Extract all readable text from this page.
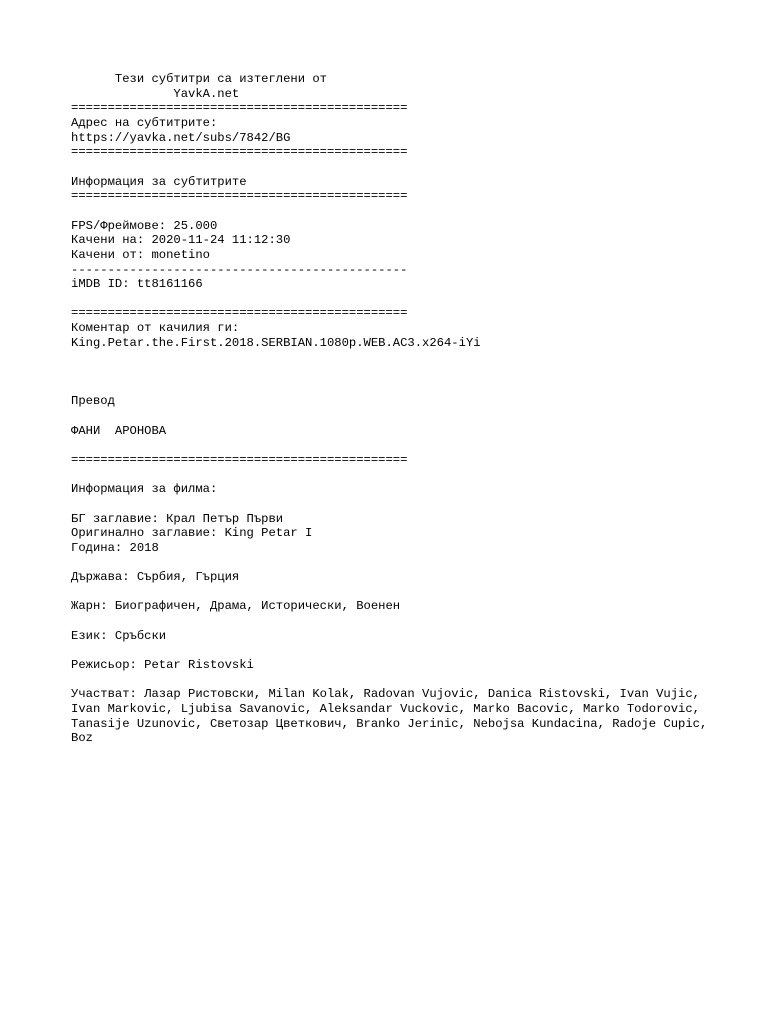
Тези субтитри са изтеглени от
YavkA.net
==============================================
Адрес на субтитрите:
https://yavka.net/subs/7842/BG
==============================================
Информация за субтитрите
==============================================
FPS/Фреймове: 25.000
Качени на: 2020-11-24 11:12:30
Качени от: monetino
----------------------------------------------
iMDB ID: tt8161166
==============================================
Коментар от качилия ги:
King.Petar.the.First.2018.SERBIAN.1080p.WEB.AC3.x264-iYi
Превод
ФАНИ  АРОНОВА
==============================================
Информация за филма:
БГ заглавие: Крал Петър Първи
Оригинално заглавие: King Petar I
Година: 2018
Държава: Сърбия, Гърция
Жарн: Биографичен, Драма, Исторически, Военен
Език: Сръбски
Режисьор: Petar Ristovski
Участват: Лазар Ристовски, Milan Kolak, Radovan Vujovic, Danica Ristovski, Ivan Vujic, Ivan Markovic, Ljubisa Savanovic, Aleksandar Vuckovic, Marko Bacovic, Marko Todorovic, Tanasije Uzunovic, Светозар Цветкович, Branko Jerinic, Nebojsa Kundacina, Radoje Cupic, Boz
